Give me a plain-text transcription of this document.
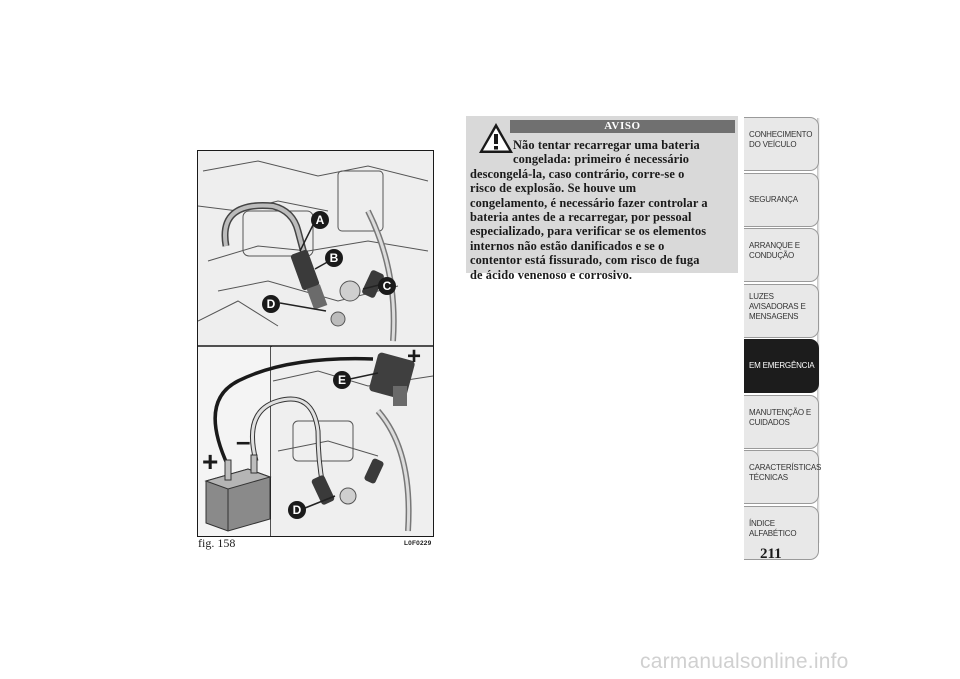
A
B
C
D
E
D
+
+
–
fig. 158	L0F0229
AVISO
Não tentar recarregar uma bateria
congelada: primeiro é necessário
descongelá-la, caso contrário, corre-se o
risco de explosão. Se houve um
congelamento, é necessário fazer controlar a
bateria antes de a recarregar, por pessoal
especializado, para verificar se os elementos
internos não estão danificados e se o
contentor está fissurado, com risco de fuga
de ácido venenoso e corrosivo.
CONHECIMENTO
DO VEÍCULO
SEGURANÇA
ARRANQUE E
CONDUÇÃO
LUZES
AVISADORAS E
MENSAGENS
EM EMERGÊNCIA
MANUTENÇÃO E
CUIDADOS
CARACTERÍSTICAS
TÉCNICAS
ÍNDICE
ALFABÉTICO
211
carmanualsonline.info
